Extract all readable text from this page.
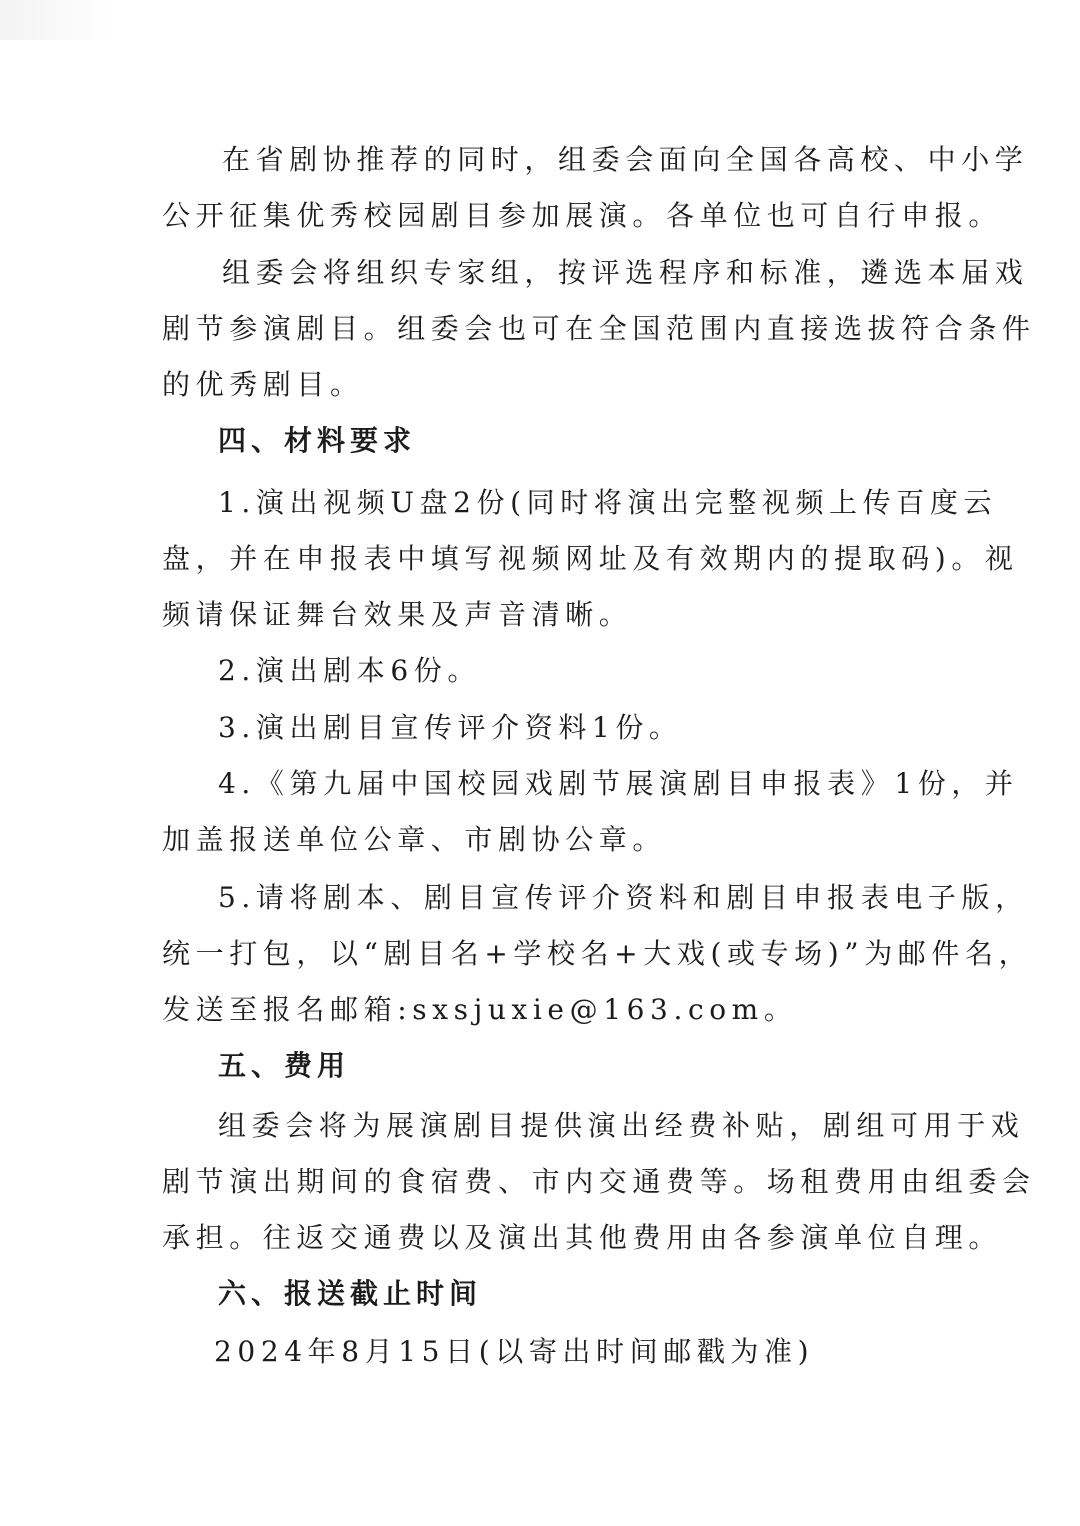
在省剧协推荐的同时，组委会面向全国各高校、中小学
公开征集优秀校园剧目参加展演。各单位也可自行申报。
组委会将组织专家组，按评选程序和标准，遴选本届戏
剧节参演剧目。组委会也可在全国范围内直接选拔符合条件
的优秀剧目。
四、材料要求
1.演出视频U盘2份(同时将演出完整视频上传百度云
盘，并在申报表中填写视频网址及有效期内的提取码)。视
频请保证舞台效果及声音清晰。
2.演出剧本6份。
3.演出剧目宣传评介资料1份。
4.《第九届中国校园戏剧节展演剧目申报表》1份，并
加盖报送单位公章、市剧协公章。
5.请将剧本、剧目宣传评介资料和剧目申报表电子版，
统一打包，以“剧目名+学校名+大戏(或专场)”为邮件名，
发送至报名邮箱:sxsjuxie@163.com。
五、费用
组委会将为展演剧目提供演出经费补贴，剧组可用于戏
剧节演出期间的食宿费、市内交通费等。场租费用由组委会
承担。往返交通费以及演出其他费用由各参演单位自理。
六、报送截止时间
2024年8月15日(以寄出时间邮戳为准)
